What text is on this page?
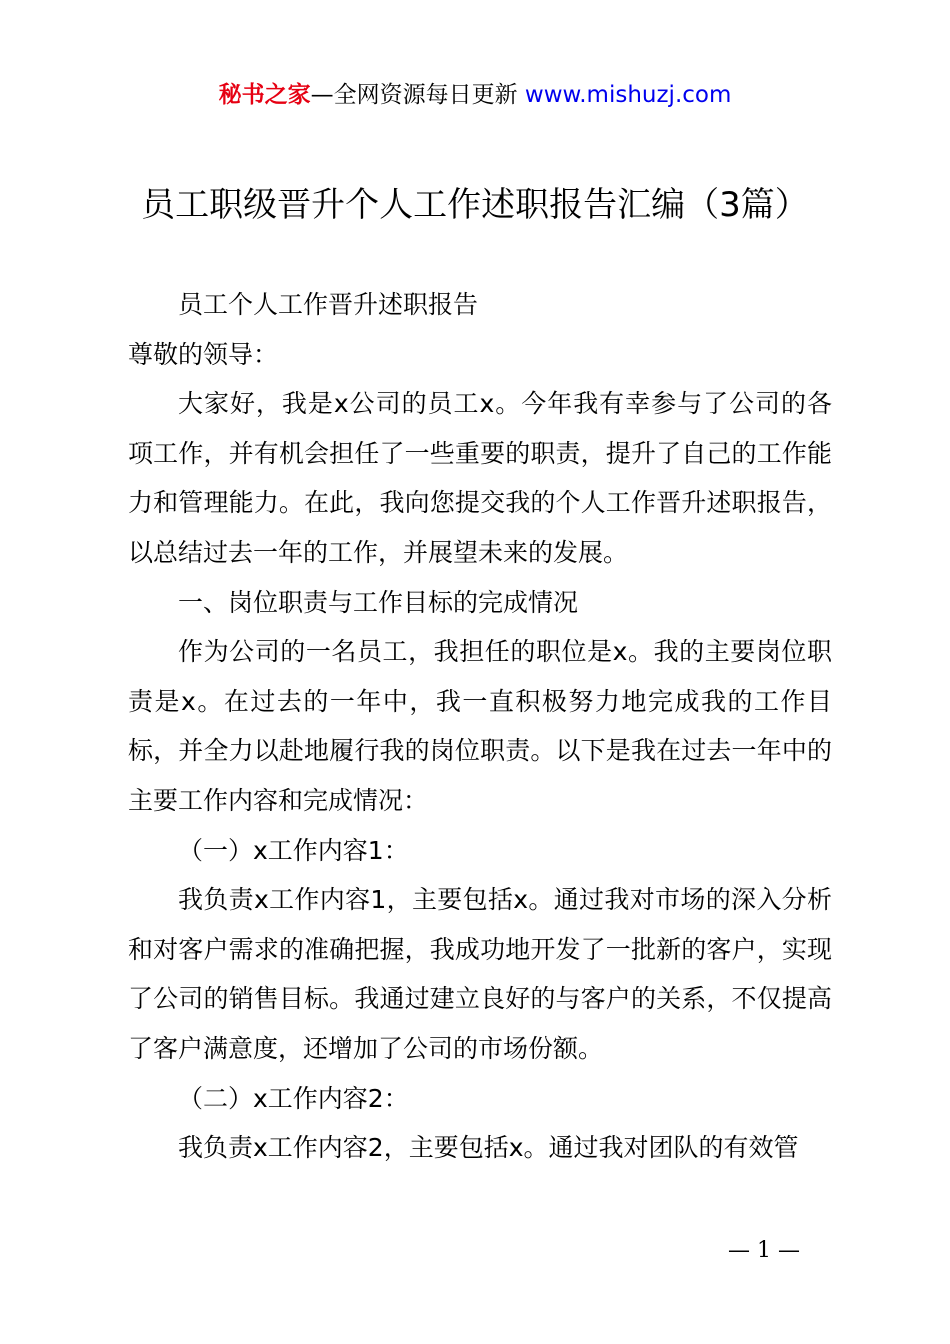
秘书之家—全网资源每日更新 www.mishuzj.com
员工职级晋升个人工作述职报告汇编（3篇）

员工个人工作晋升述职报告

尊敬的领导：

大家好，我是x公司的员工x。今年我有幸参与了公司的各项工作，并有机会担任了一些重要的职责，提升了自己的工作能力和管理能力。在此，我向您提交我的个人工作晋升述职报告，以总结过去一年的工作，并展望未来的发展。

一、岗位职责与工作目标的完成情况

作为公司的一名员工，我担任的职位是x。我的主要岗位职责是x。在过去的一年中，我一直积极努力地完成我的工作目标，并全力以赴地履行我的岗位职责。以下是我在过去一年中的主要工作内容和完成情况：

（一）x工作内容1：

我负责x工作内容1，主要包括x。通过我对市场的深入分析和对客户需求的准确把握，我成功地开发了一批新的客户，实现了公司的销售目标。我通过建立良好的与客户的关系，不仅提高了客户满意度，还增加了公司的市场份额。

（二）x工作内容2：

我负责x工作内容2，主要包括x。通过我对团队的有效管

— 1 —
